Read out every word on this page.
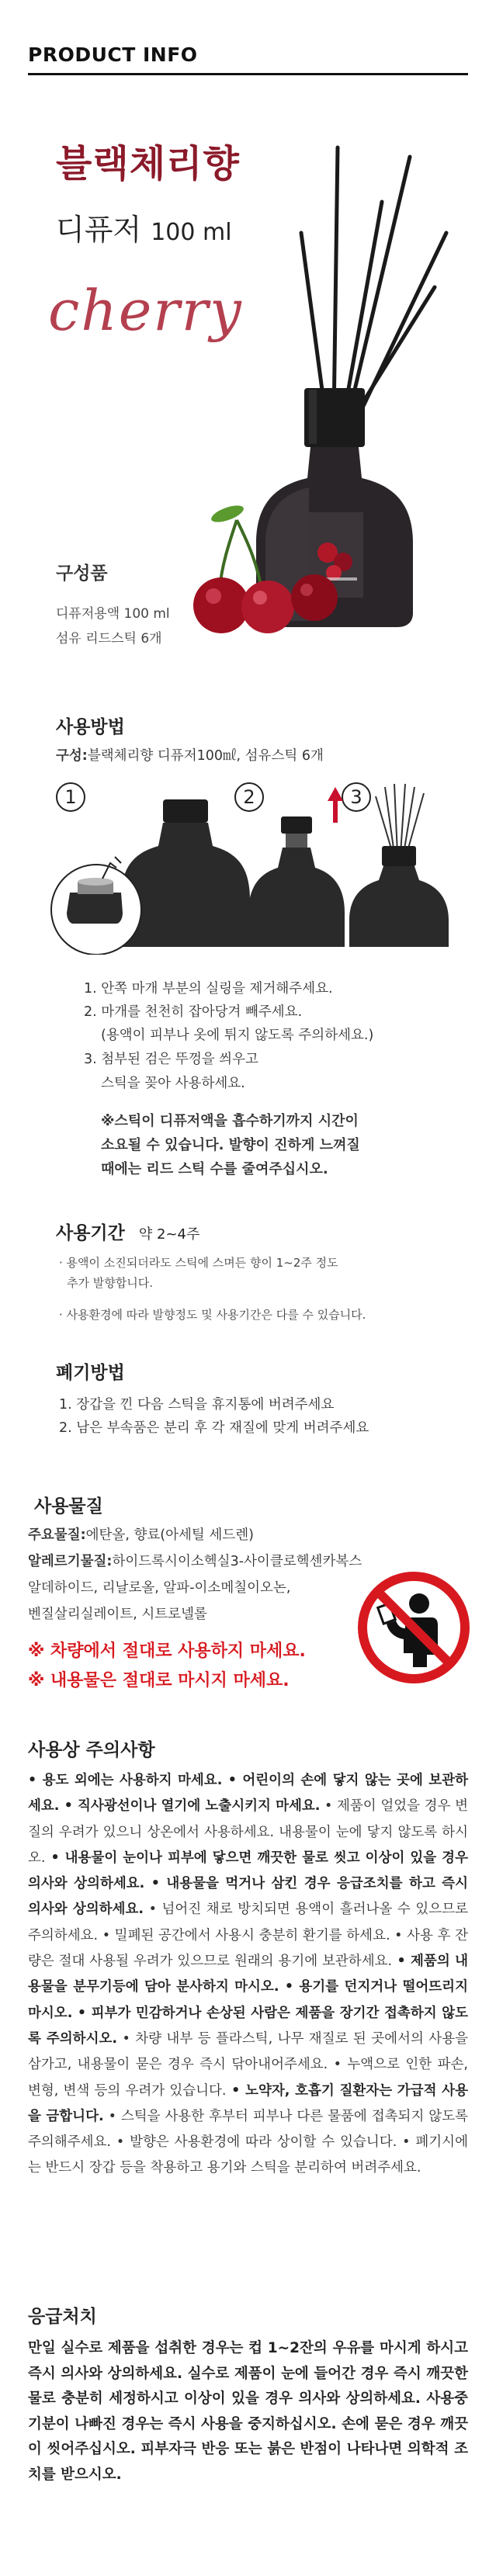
PRODUCT INFO
블랙체리향
디퓨저 100 ml
cherry
구성품
디퓨저용액 100 ml
섬유 리드스틱 6개
사용방법
구성:블랙체리향 디퓨저100㎖, 섬유스틱 6개
1	2	3
1. 안쪽 마개 부분의 실링을 제거해주세요.
2. 마개를 천천히 잡아당겨 빼주세요.
(용액이 피부나 옷에 튀지 않도록 주의하세요.)
3. 첨부된 검은 뚜껑을 씌우고
스틱을 꽂아 사용하세요.
※스틱이 디퓨저액을 흡수하기까지 시간이
소요될 수 있습니다. 발향이 진하게 느껴질
때에는 리드 스틱 수를 줄여주십시오.
사용기간 약 2~4주
· 용액이 소진되더라도 스틱에 스며든 향이 1~2주 정도
추가 발향합니다.
· 사용환경에 따라 발향정도 및 사용기간은 다를 수 있습니다.
폐기방법
1. 장갑을 낀 다음 스틱을 휴지통에 버려주세요
2. 남은 부속품은 분리 후 각 재질에 맞게 버려주세요
사용물질
주요물질:에탄올, 향료(아세틸 세드렌)
알레르기물질:하이드록시이소헥실3-사이클로헥센카복스
알데하이드, 리날로올, 알파-이소메칠이오논,
벤질살리실레이트, 시트로넬롤
※ 차량에서 절대로 사용하지 마세요.
※ 내용물은 절대로 마시지 마세요.
사용상 주의사항
• 용도 외에는 사용하지 마세요. • 어린이의 손에 닿지 않는 곳에 보관하세요. • 직사광선이나 열기에 노출시키지 마세요. • 제품이 얼었을 경우 변질의 우려가 있으니 상온에서 사용하세요. 내용물이 눈에 닿지 않도록 하시오. • 내용물이 눈이나 피부에 닿으면 깨끗한 물로 씻고 이상이 있을 경우 의사와 상의하세요. • 내용물을 먹거나 삼킨 경우 응급조치를 하고 즉시 의사와 상의하세요. • 넘어진 채로 방치되면 용액이 흘러나올 수 있으므로 주의하세요. • 밀폐된 공간에서 사용시 충분히 환기를 하세요. • 사용 후 잔량은 절대 사용될 우려가 있으므로 원래의 용기에 보관하세요. • 제품의 내용물을 분무기등에 담아 분사하지 마시오. • 용기를 던지거나 떨어뜨리지 마시오. • 피부가 민감하거나 손상된 사람은 제품을 장기간 접촉하지 않도록 주의하시오. • 차량 내부 등 플라스틱, 나무 재질로 된 곳에서의 사용을 삼가고, 내용물이 묻은 경우 즉시 닦아내어주세요. • 누액으로 인한 파손, 변형, 변색 등의 우려가 있습니다. • 노약자, 호흡기 질환자는 가급적 사용을 금합니다. • 스틱을 사용한 후부터 피부나 다른 물품에 접촉되지 않도록 주의해주세요. • 발향은 사용환경에 따라 상이할 수 있습니다. • 폐기시에는 반드시 장갑 등을 착용하고 용기와 스틱을 분리하여 버려주세요.
응급처치
만일 실수로 제품을 섭취한 경우는 컵 1~2잔의 우유를 마시게 하시고 즉시 의사와 상의하세요. 실수로 제품이 눈에 들어간 경우 즉시 깨끗한 물로 충분히 세정하시고 이상이 있을 경우 의사와 상의하세요. 사용중 기분이 나빠진 경우는 즉시 사용을 중지하십시오. 손에 묻은 경우 깨끗이 씻어주십시오. 피부자극 반응 또는 붉은 반점이 나타나면 의학적 조치를 받으시오.
